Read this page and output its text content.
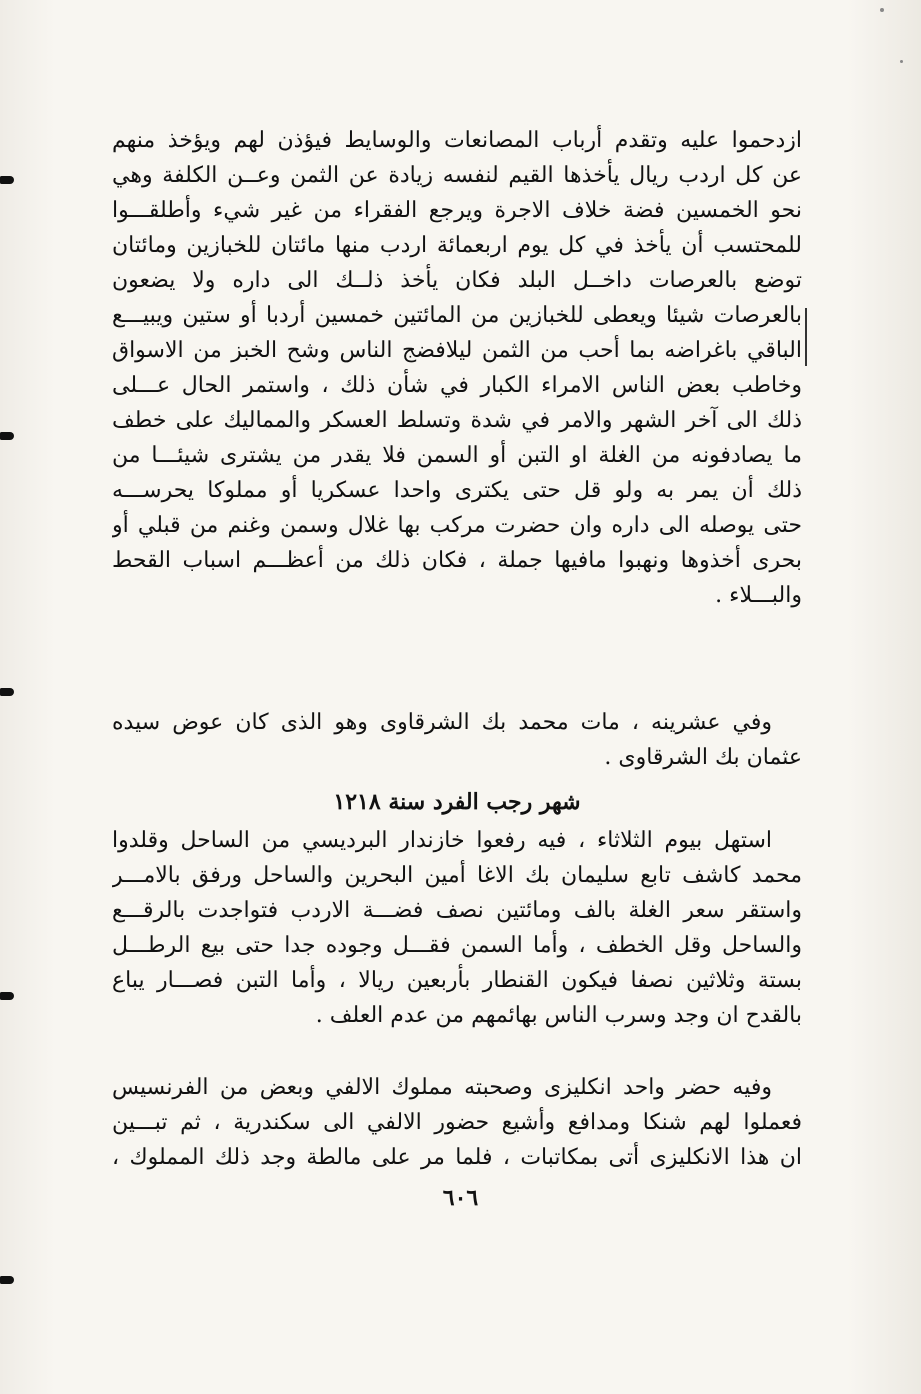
ازدحموا عليه وتقدم أرباب المصانعات والوسايط فيؤذن لهم ويؤخذ منهم
عن كل اردب ريال يأخذها القيم لنفسه زيادة عن الثمن وعــن الكلفة وهي
نحو الخمسين فضة خلاف الاجرة ويرجع الفقراء من غير شيء وأطلقـــوا
للمحتسب أن يأخذ في كل يوم اربعمائة اردب منها مائتان للخبازين ومائتان
توضع بالعرصات داخــل البلد فكان يأخذ ذلــك الى داره ولا يضعون
بالعرصات شيئا ويعطى للخبازين من المائتين خمسين أردبا أو ستين ويبيـــع
الباقي باغراضه بما أحب من الثمن ليلافضج الناس وشح الخبز من الاسواق
وخاطب بعض الناس الامراء الكبار في شأن ذلك ، واستمر الحال عـــلى
ذلك الى آخر الشهر والامر في شدة وتسلط العسكر والمماليك على خطف
ما يصادفونه من الغلة او التبن أو السمن فلا يقدر من يشترى شيئـــا من
ذلك أن يمر به ولو قل حتى يكترى واحدا عسكريا أو مملوكا يحرســـه
حتى يوصله الى داره وان حضرت مركب بها غلال وسمن وغنم من قبلي أو
بحرى أخذوها ونهبوا مافيها جملة ، فكان ذلك من أعظـــم اسباب القحط
والبـــلاء .
وفي عشرينه ، مات محمد بك الشرقاوى وهو الذى كان عوض سيده
عثمان بك الشرقاوى .
شهر رجب الفرد سنة ١٢١٨
استهل بيوم الثلاثاء ، فيه رفعوا خازندار البرديسي من الساحل وقلدوا
محمد كاشف تابع سليمان بك الاغا أمين البحرين والساحل ورفق بالامـــر
واستقر سعر الغلة بالف ومائتين نصف فضـــة الاردب فتواجدت بالرقـــع
والساحل وقل الخطف ، وأما السمن فقـــل وجوده جدا حتى بيع الرطـــل
بستة وثلاثين نصفا فيكون القنطار بأربعين ريالا ، وأما التبن فصـــار يباع
بالقدح ان وجد وسرب الناس بهائمهم من عدم العلف .
وفيه حضر واحد انكليزى وصحبته مملوك الالفي وبعض من الفرنسيس
فعملوا لهم شنكا ومدافع وأشيع حضور الالفي الى سكندرية ، ثم تبـــين
ان هذا الانكليزى أتى بمكاتبات ، فلما مر على مالطة وجد ذلك المملوك ،
٦٠٦
